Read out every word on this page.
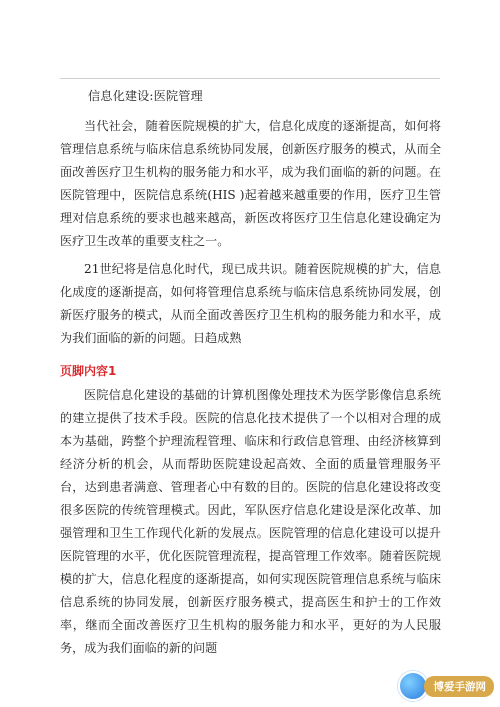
信息化建设:医院管理

当代社会，随着医院规模的扩大，信息化成度的逐渐提高，如何将管理信息系统与临床信息系统协同发展，创新医疗服务的模式，从而全面改善医疗卫生机构的服务能力和水平，成为我们面临的新的问题。在医院管理中，医院信息系统(HIS )起着越来越重要的作用，医疗卫生管理对信息系统的要求也越来越高，新医改将医疗卫生信息化建设确定为医疗卫生改革的重要支柱之一。

21世纪将是信息化时代，现已成共识。随着医院规模的扩大，信息化成度的逐渐提高，如何将管理信息系统与临床信息系统协同发展，创新医疗服务的模式，从而全面改善医疗卫生机构的服务能力和水平，成为我们面临的新的问题。日趋成熟

页脚内容1

医院信息化建设的基础的计算机图像处理技术为医学影像信息系统的建立提供了技术手段。医院的信息化技术提供了一个以相对合理的成本为基础，跨整个护理流程管理、临床和行政信息管理、由经济核算到经济分析的机会，从而帮助医院建设起高效、全面的质量管理服务平台，达到患者满意、管理者心中有数的目的。医院的信息化建设将改变很多医院的传统管理模式。因此，军队医疗信息化建设是深化改革、加强管理和卫生工作现代化新的发展点。医院管理的信息化建设可以提升医院管理的水平，优化医院管理流程，提高管理工作效率。随着医院规模的扩大，信息化程度的逐渐提高，如何实现医院管理信息系统与临床信息系统的协同发展，创新医疗服务模式，提高医生和护士的工作效率，继而全面改善医疗卫生机构的服务能力和水平，更好的为人民服务，成为我们面临的新的问题

博爱手游网
